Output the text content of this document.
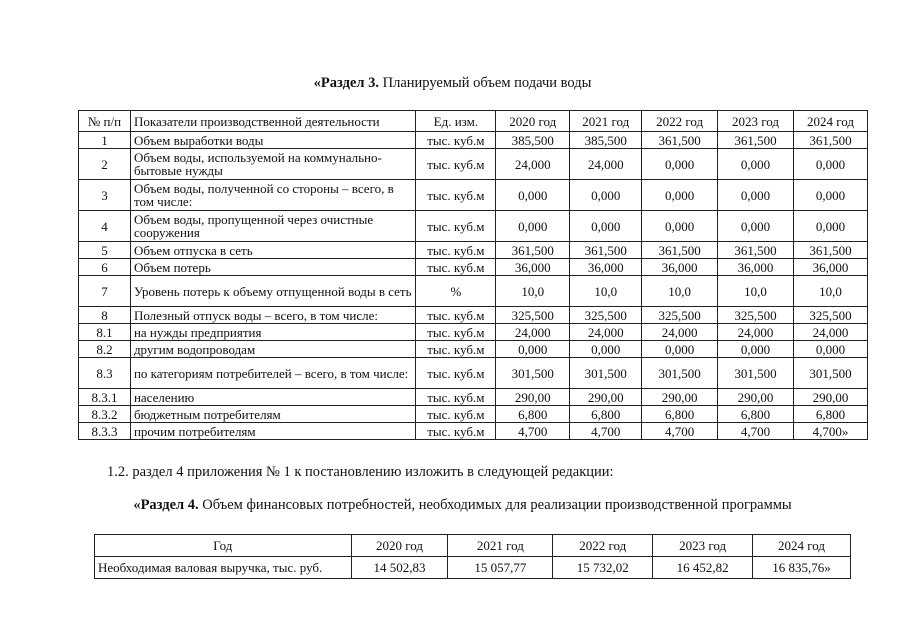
«Раздел 3. Планируемый объем подачи воды
№ п/п	Показатели производственной деятельности	Ед. изм.	2020 год	2021 год	2022 год	2023 год	2024 год
1	Объем выработки воды	тыс. куб.м	385,500	385,500	361,500	361,500	361,500
2	Объем воды, используемой на коммунально-бытовые нужды	тыс. куб.м	24,000	24,000	0,000	0,000	0,000
3	Объем воды, полученной со стороны – всего, в том числе:	тыс. куб.м	0,000	0,000	0,000	0,000	0,000
4	Объем воды, пропущенной через очистные сооружения	тыс. куб.м	0,000	0,000	0,000	0,000	0,000
5	Объем отпуска в сеть	тыс. куб.м	361,500	361,500	361,500	361,500	361,500
6	Объем потерь	тыс. куб.м	36,000	36,000	36,000	36,000	36,000
7	Уровень потерь к объему отпущенной воды в сеть	%	10,0	10,0	10,0	10,0	10,0
8	Полезный отпуск воды – всего, в том числе:	тыс. куб.м	325,500	325,500	325,500	325,500	325,500
8.1	на нужды предприятия	тыс. куб.м	24,000	24,000	24,000	24,000	24,000
8.2	другим водопроводам	тыс. куб.м	0,000	0,000	0,000	0,000	0,000
8.3	по категориям потребителей – всего, в том числе:	тыс. куб.м	301,500	301,500	301,500	301,500	301,500
8.3.1	населению	тыс. куб.м	290,00	290,00	290,00	290,00	290,00
8.3.2	бюджетным потребителям	тыс. куб.м	6,800	6,800	6,800	6,800	6,800
8.3.3	прочим потребителям	тыс. куб.м	4,700	4,700	4,700	4,700	4,700»
1.2. раздел 4 приложения № 1 к постановлению изложить в следующей редакции:
«Раздел 4. Объем финансовых потребностей, необходимых для реализации производственной программы
Год	2020 год	2021 год	2022 год	2023 год	2024 год
Необходимая валовая выручка, тыс. руб.	14 502,83	15 057,77	15 732,02	16 452,82	16 835,76»
